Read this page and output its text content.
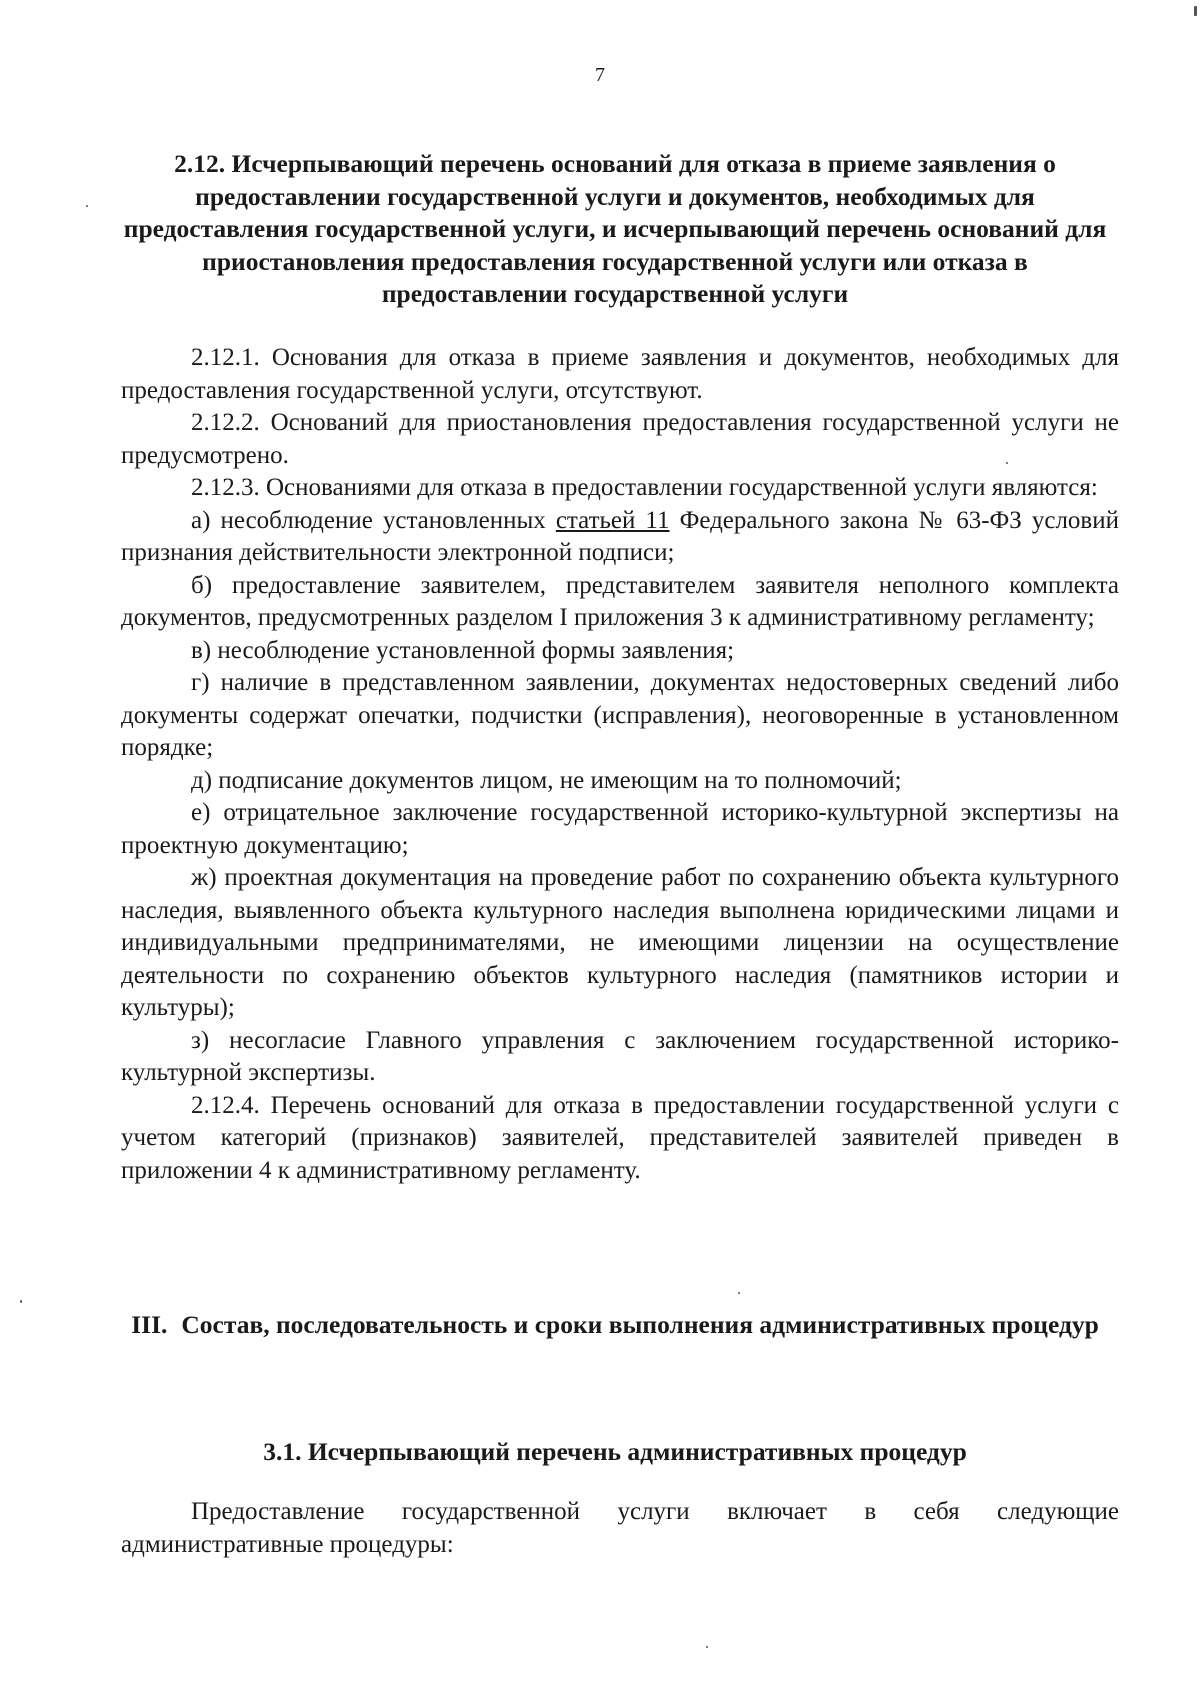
7
2.12. Исчерпывающий перечень оснований для отказа в приеме заявления о предоставлении государственной услуги и документов, необходимых для предоставления государственной услуги, и исчерпывающий перечень оснований для приостановления предоставления государственной услуги или отказа в предоставлении государственной услуги

2.12.1. Основания для отказа в приеме заявления и документов, необходимых для предоставления государственной услуги, отсутствуют.

2.12.2. Оснований для приостановления предоставления государственной услуги не предусмотрено.

2.12.3. Основаниями для отказа в предоставлении государственной услуги являются:

а) несоблюдение установленных статьей 11 Федерального закона № 63-ФЗ условий признания действительности электронной подписи;

б) предоставление заявителем, представителем заявителя неполного комплекта документов, предусмотренных разделом I приложения 3 к административному регламенту;

в) несоблюдение установленной формы заявления;

г) наличие в представленном заявлении, документах недостоверных сведений либо документы содержат опечатки, подчистки (исправления), неоговоренные в установленном порядке;

д) подписание документов лицом, не имеющим на то полномочий;

е) отрицательное заключение государственной историко-культурной экспертизы на проектную документацию;

ж) проектная документация на проведение работ по сохранению объекта культурного наследия, выявленного объекта культурного наследия выполнена юридическими лицами и индивидуальными предпринимателями, не имеющими лицензии на осуществление деятельности по сохранению объектов культурного наследия (памятников истории и культуры);

з) несогласие Главного управления с заключением государственной историко-культурной экспертизы.

2.12.4. Перечень оснований для отказа в предоставлении государственной услуги с учетом категорий (признаков) заявителей, представителей заявителей приведен в приложении 4 к административному регламенту.

III. Состав, последовательность и сроки выполнения административных процедур
3.1. Исчерпывающий перечень административных процедур

Предоставление государственной услуги включает в себя следующие административные процедуры:
